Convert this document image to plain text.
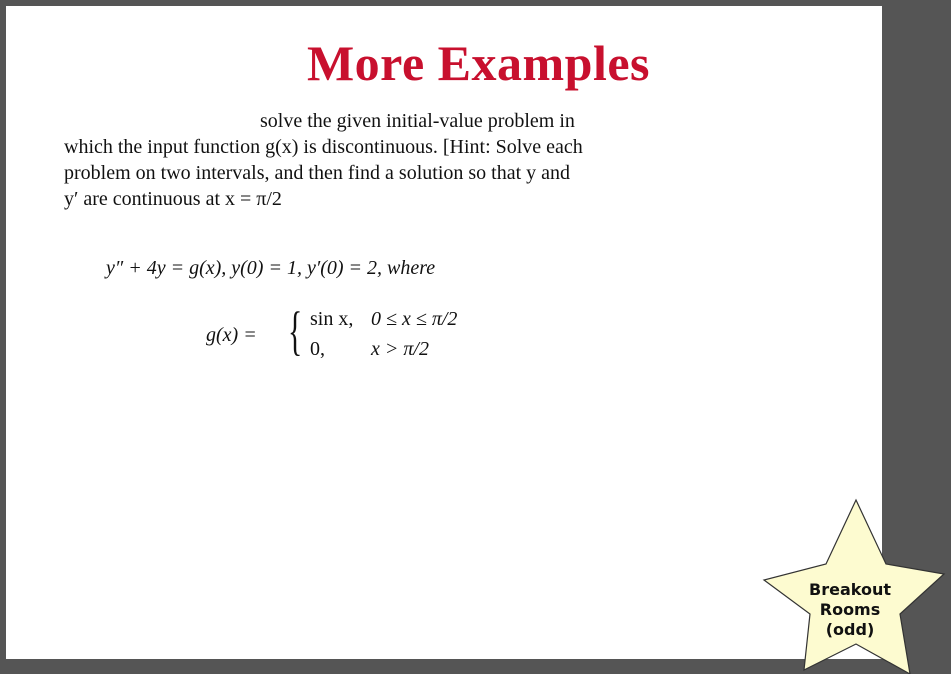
More Examples
solve the given initial-value problem in
which the input function g(x) is discontinuous. [Hint: Solve each
problem on two intervals, and then find a solution so that y and
y′ are continuous at x = π/2
y″ + 4y = g(x), y(0) = 1, y′(0) = 2, where
g(x) = { sin x, 0 ≤ x ≤ π/2
0, x > π/2
Breakout
Rooms
(odd)
